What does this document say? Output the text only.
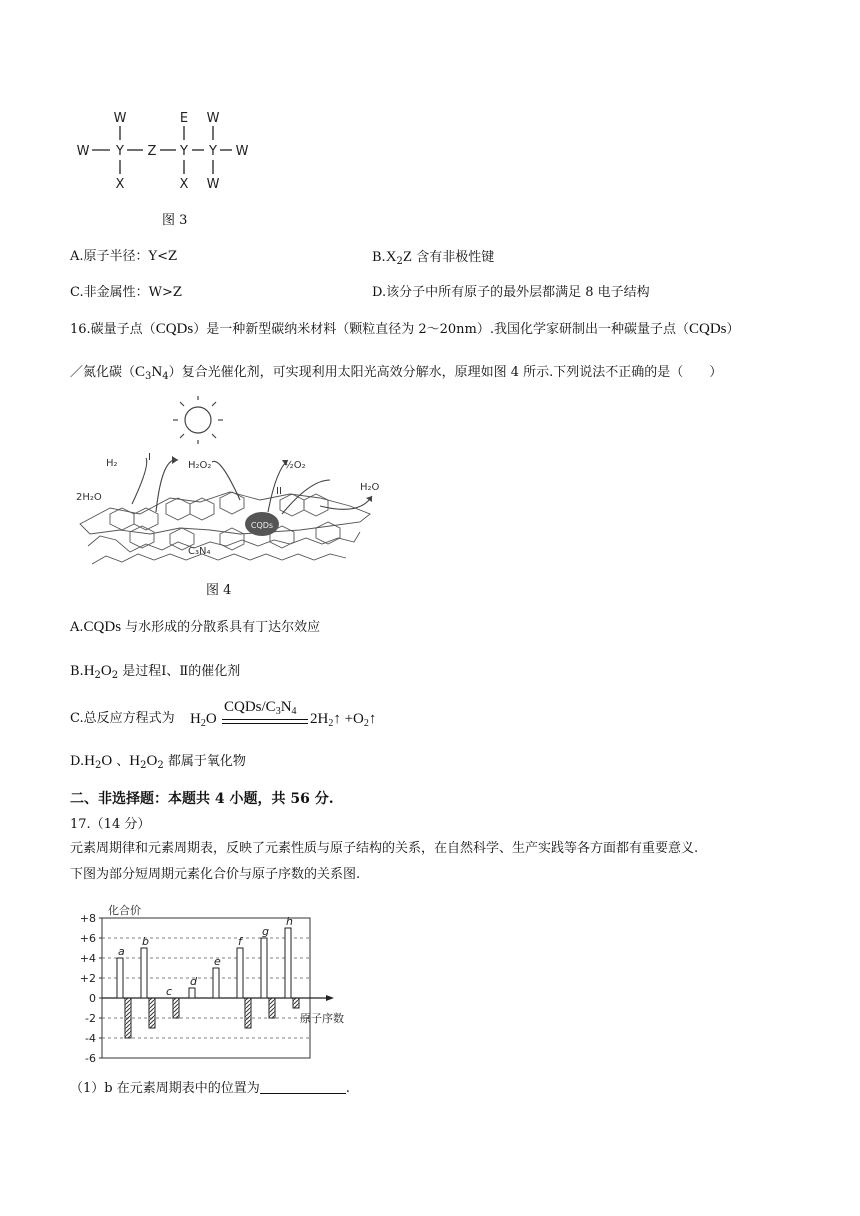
W
W Y Z Y Y W
X
E
X
W
W
图 3
A.原子半径：Y<Z	$B.X_2Z$ 含有非极性键
C.非金属性：W>Z	D.该分子中所有原子的最外层都满足 8 电子结构
16.碳量子点（CQDs）是一种新型碳纳米材料（颗粒直径为 2～20nm）.我国化学家研制出一种碳量子点（CQDs）
／氮化碳$(C_3N_4)$复合光催化剂，可实现利用太阳光高效分解水，原理如图 4 所示.下列说法不正确的是（　　）
CQDs
H₂
2H₂O
I
H₂O₂	½O₂
II	H₂O
C₃N₄
图 4
A.CQDs 与水形成的分散系具有丁达尔效应
$B.H_2O_2$ 是过程Ⅰ、Ⅱ的催化剂
C.总反应方程式为 $H_2O$
CQDs/$C_3N_4$ $2H_2↑$ $+O_2↑$
$D.H_2O$ 、$H_2O_2$ 都属于氧化物
二、非选择题：本题共 4 小题，共 56 分.
17.（14 分）
元素周期律和元素周期表，反映了元素性质与原子结构的关系，在自然科学、生产实践等各方面都有重要意义.
下图为部分短周期元素化合价与原子序数的关系图.
+8
+6
+4
+2
0
-2
-4
-6
化合价
原子序数
a
b
c
d
e
f
g
h
（1）b 在元素周期表中的位置为	.
